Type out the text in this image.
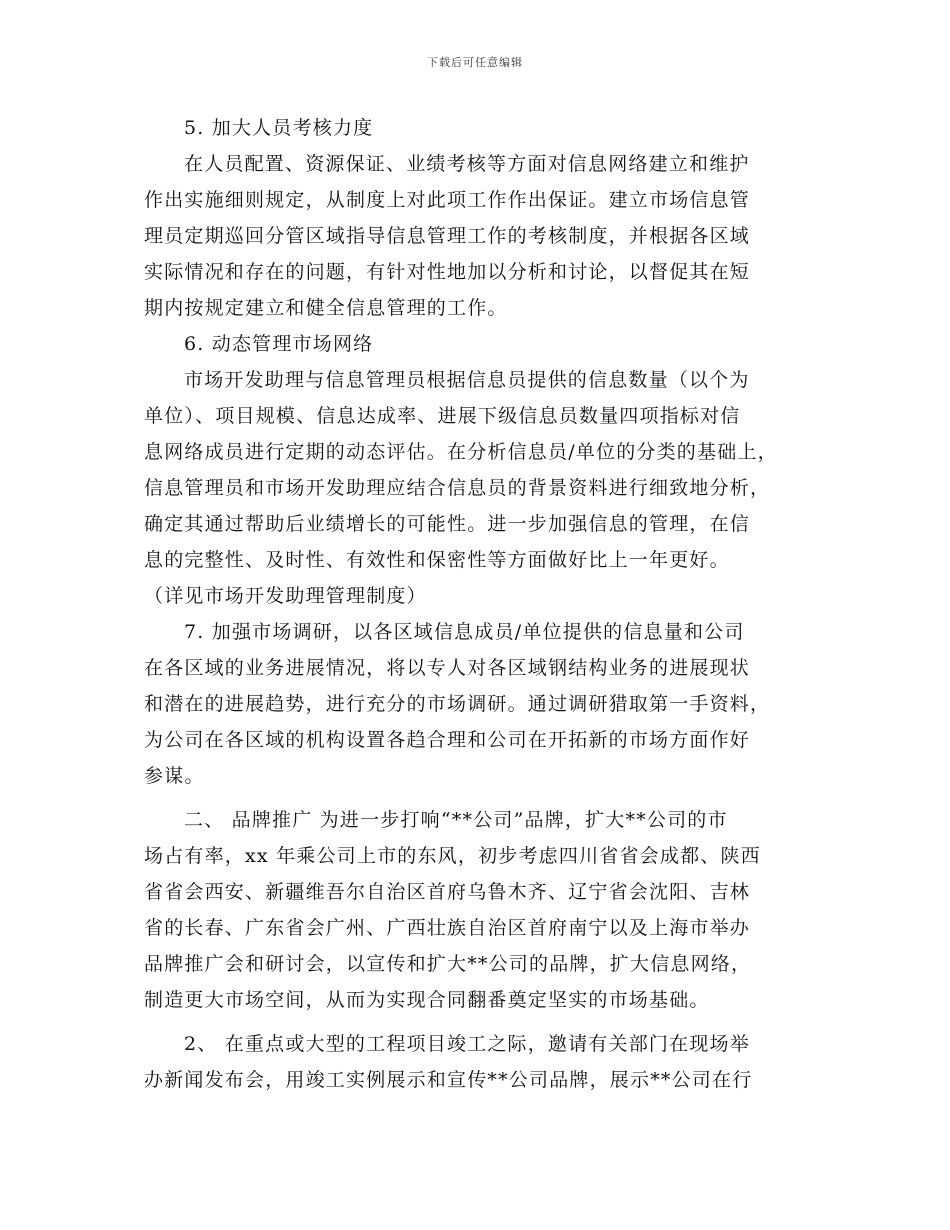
下载后可任意编辑
5. 加大人员考核力度
在人员配置、资源保证、业绩考核等方面对信息网络建立和维护
作出实施细则规定，从制度上对此项工作作出保证。建立市场信息管
理员定期巡回分管区域指导信息管理工作的考核制度，并根据各区域
实际情况和存在的问题，有针对性地加以分析和讨论，以督促其在短
期内按规定建立和健全信息管理的工作。
6. 动态管理市场网络
市场开发助理与信息管理员根据信息员提供的信息数量（以个为
单位）、项目规模、信息达成率、进展下级信息员数量四项指标对信
息网络成员进行定期的动态评估。在分析信息员/单位的分类的基础上，
信息管理员和市场开发助理应结合信息员的背景资料进行细致地分析，
确定其通过帮助后业绩增长的可能性。进一步加强信息的管理，在信
息的完整性、及时性、有效性和保密性等方面做好比上一年更好。
（详见市场开发助理管理制度）
7. 加强市场调研，以各区域信息成员/单位提供的信息量和公司
在各区域的业务进展情况，将以专人对各区域钢结构业务的进展现状
和潜在的进展趋势，进行充分的市场调研。通过调研猎取第一手资料，
为公司在各区域的机构设置各趋合理和公司在开拓新的市场方面作好
参谋。
二、 品牌推广 为进一步打响“**公司”品牌，扩大**公司的市
场占有率，xx 年乘公司上市的东风，初步考虑四川省省会成都、陕西
省省会西安、新疆维吾尔自治区首府乌鲁木齐、辽宁省会沈阳、吉林
省的长春、广东省会广州、广西壮族自治区首府南宁以及上海市举办
品牌推广会和研讨会，以宣传和扩大**公司的品牌，扩大信息网络，
制造更大市场空间，从而为实现合同翻番奠定坚实的市场基础。
2、 在重点或大型的工程项目竣工之际，邀请有关部门在现场举
办新闻发布会，用竣工实例展示和宣传**公司品牌，展示**公司在行
